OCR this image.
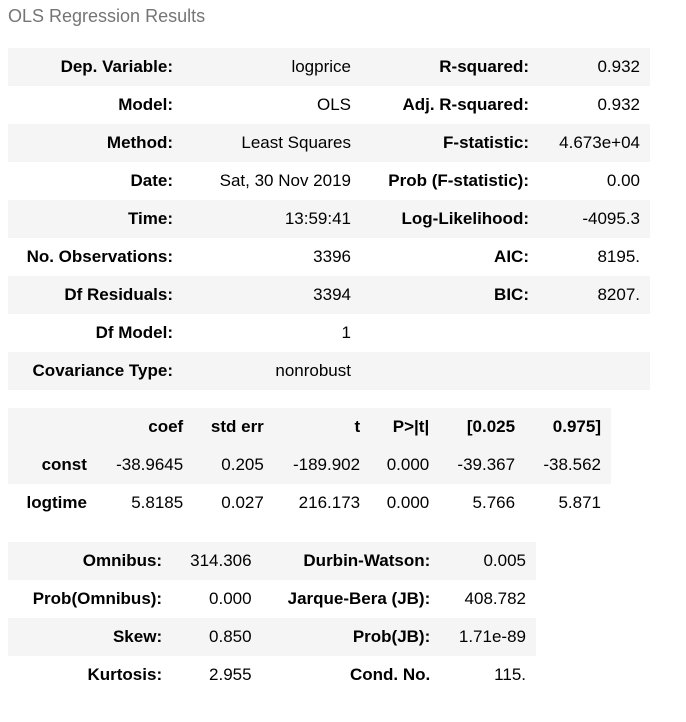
OLS Regression Results
Dep. Variable:	logprice	R-squared:	0.932
Model:	OLS	Adj. R-squared:	0.932
Method:	Least Squares	F-statistic:	4.673e+04
Date:	Sat, 30 Nov 2019	Prob (F-statistic):	0.00
Time:	13:59:41	Log-Likelihood:	-4095.3
No. Observations:	3396	AIC:	8195.
Df Residuals:	3394	BIC:	8207.
Df Model:	1		
Covariance Type:	nonrobust		
	coef	std err	t	P>|t|	[0.025	0.975]
const	-38.9645	0.205	-189.902	0.000	-39.367	-38.562
logtime	5.8185	0.027	216.173	0.000	5.766	5.871
Omnibus:	314.306	Durbin-Watson:	0.005
Prob(Omnibus):	0.000	Jarque-Bera (JB):	408.782
Skew:	0.850	Prob(JB):	1.71e-89
Kurtosis:	2.955	Cond. No.	115.
